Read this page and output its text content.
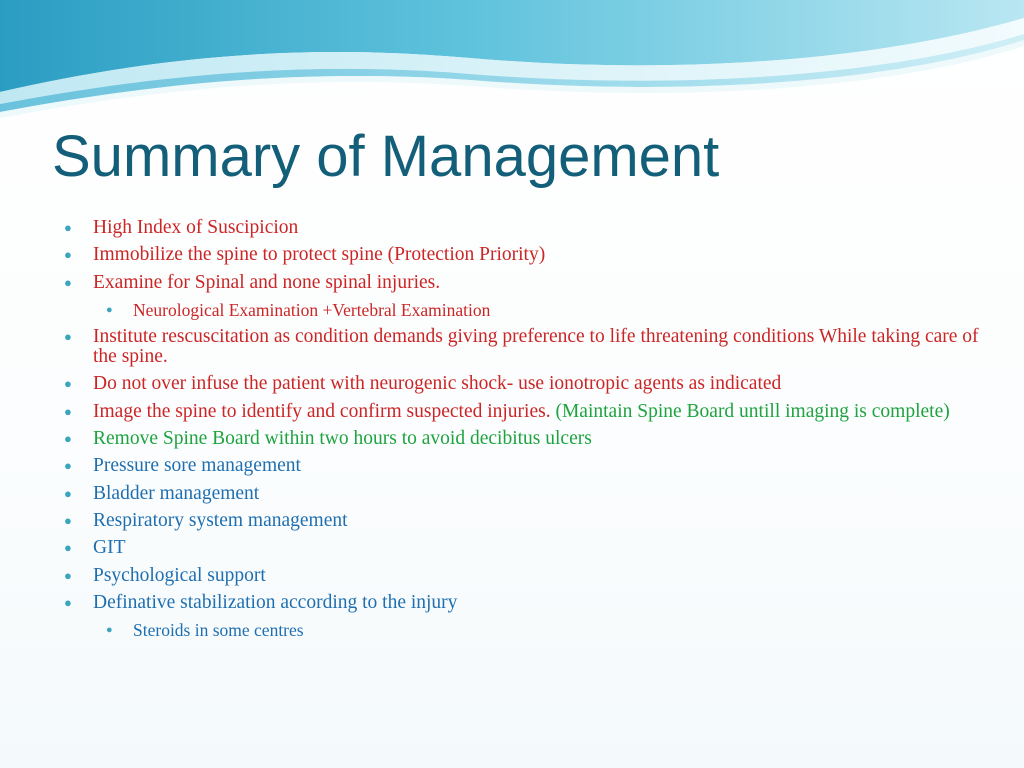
Summary of Management
●	High Index of Suscipicion
●	Immobilize the spine to protect spine (Protection Priority)
●	Examine for Spinal and none spinal injuries.
●	Neurological Examination +Vertebral Examination
●	Institute rescuscitation as condition demands giving preference to life threatening conditions While taking care of the spine.
●	Do not over infuse the patient with neurogenic shock- use ionotropic agents as indicated
●	Image the spine to identify and confirm suspected injuries. (Maintain Spine Board untill imaging is complete)
●	Remove Spine Board within two hours to avoid decibitus ulcers
●	Pressure sore management
●	Bladder management
●	Respiratory system management
●	GIT
●	Psychological support
●	Definative stabilization according to the injury
●	Steroids in some centres
